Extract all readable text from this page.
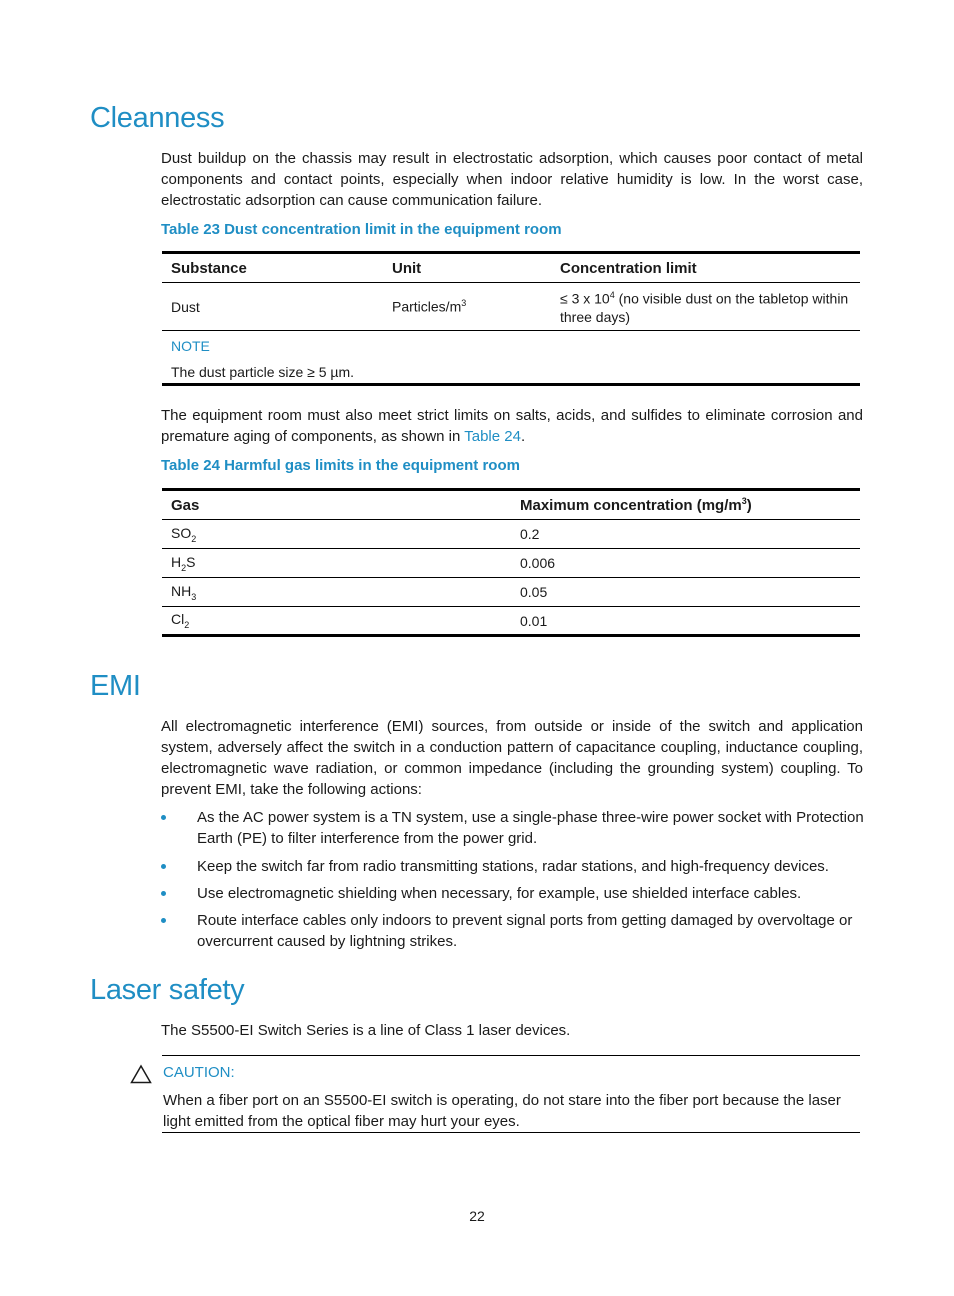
Cleanness

Dust buildup on the chassis may result in electrostatic adsorption, which causes poor contact of metal components and contact points, especially when indoor relative humidity is low. In the worst case, electrostatic adsorption can cause communication failure.

Table 23 Dust concentration limit in the equipment room

Substance	Unit	Concentration limit
Dust	Particles/$m^3$	≤ 3 x $10^4$ (no visible dust on the tabletop within three days)

NOTE
The dust particle size ≥ 5 µm.		

The equipment room must also meet strict limits on salts, acids, and sulfides to eliminate corrosion and premature aging of components, as shown in Table 24.

Table 24 Harmful gas limits in the equipment room

Gas	Maximum concentration $(mg/m^3)$
$SO_2$	0.2
$H_2S$	0.006
$NH_3$	0.05
$Cl_2$	0.01
EMI

All electromagnetic interference (EMI) sources, from outside or inside of the switch and application system, adversely affect the switch in a conduction pattern of capacitance coupling, inductance coupling, electromagnetic wave radiation, or common impedance (including the grounding system) coupling. To prevent EMI, take the following actions:

As the AC power system is a TN system, use a single-phase three-wire power socket with Protection Earth (PE) to filter interference from the power grid.
Keep the switch far from radio transmitting stations, radar stations, and high-frequency devices.
Use electromagnetic shielding when necessary, for example, use shielded interface cables.
Route interface cables only indoors to prevent signal ports from getting damaged by overvoltage or overcurrent caused by lightning strikes.
Laser safety

The S5500-EI Switch Series is a line of Class 1 laser devices.

CAUTION:

When a fiber port on an S5500-EI switch is operating, do not stare into the fiber port because the laser light emitted from the optical fiber may hurt your eyes.

22
